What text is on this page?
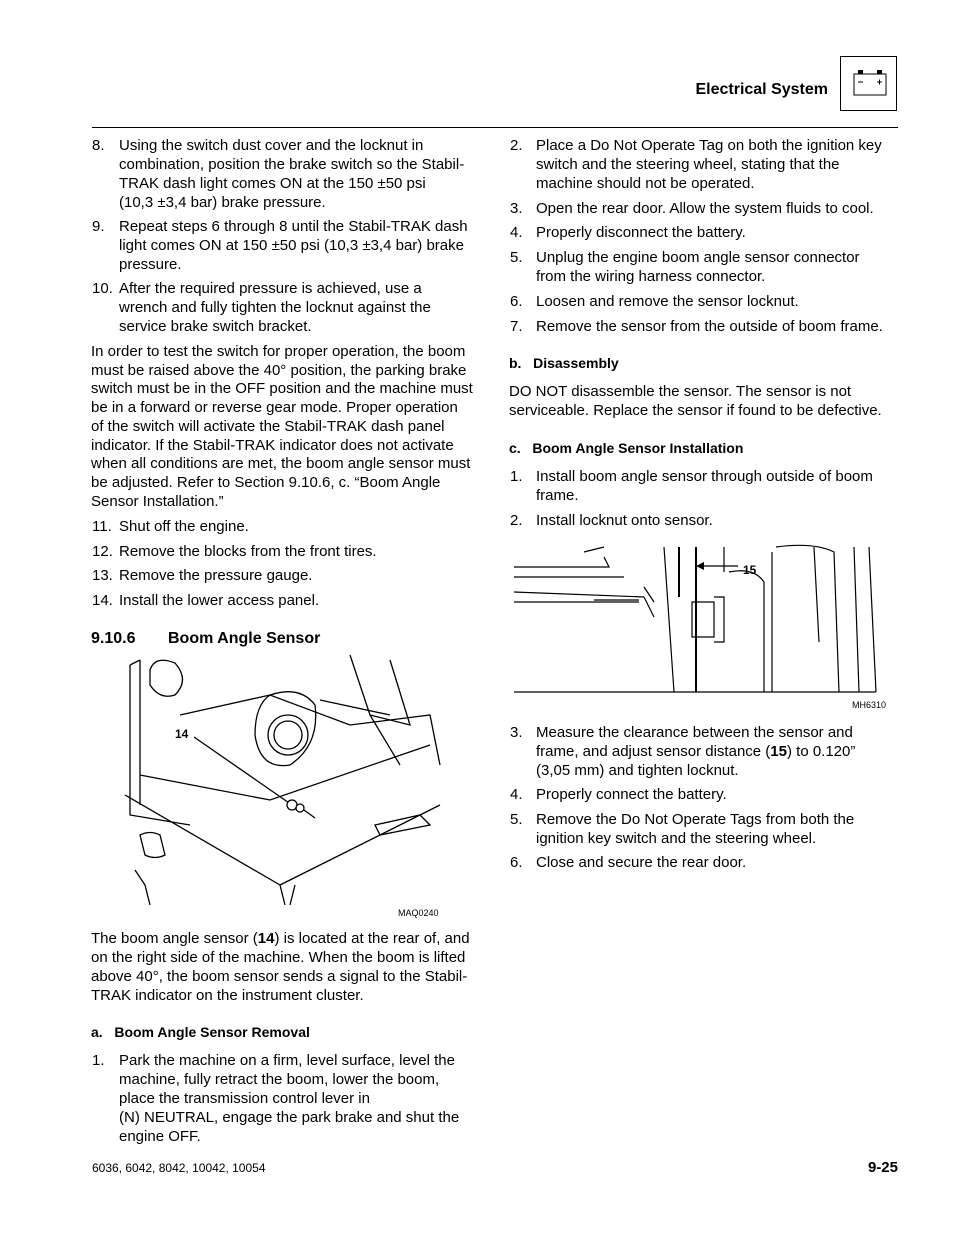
Electrical System
14
MAQ0240
15
MH6310
6036, 6042, 8042, 10042, 10054	9-25
8. Using the switch dust cover and the locknut in
combination, position the brake switch so the Stabil-
TRAK dash light comes ON at the 150 ±50 psi
(10,3 ±3,4 bar) brake pressure.
9. Repeat steps 6 through 8 until the Stabil-TRAK dash
light comes ON at 150 ±50 psi (10,3 ±3,4 bar) brake
pressure.
10. After the required pressure is achieved, use a
wrench and fully tighten the locknut against the
service brake switch bracket.
In order to test the switch for proper operation, the boom
must be raised above the 40° position, the parking brake
switch must be in the OFF position and the machine must
be in a forward or reverse gear mode. Proper operation
of the switch will activate the Stabil-TRAK dash panel
indicator. If the Stabil-TRAK indicator does not activate
when all conditions are met, the boom angle sensor must
be adjusted. Refer to Section 9.10.6, c. “Boom Angle
Sensor Installation.”
11. Shut off the engine.
12. Remove the blocks from the front tires.
13. Remove the pressure gauge.
14. Install the lower access panel.
9.10.6 Boom Angle Sensor
The boom angle sensor (14) is located at the rear of, and
on the right side of the machine. When the boom is lifted
above 40°, the boom sensor sends a signal to the Stabil-
TRAK indicator on the instrument cluster.
a.   Boom Angle Sensor Removal
1. Park the machine on a firm, level surface, level the
machine, fully retract the boom, lower the boom,
place the transmission control lever in
(N) NEUTRAL, engage the park brake and shut the
engine OFF.
2. Place a Do Not Operate Tag on both the ignition key
switch and the steering wheel, stating that the
machine should not be operated.
3. Open the rear door. Allow the system fluids to cool.
4. Properly disconnect the battery.
5. Unplug the engine boom angle sensor connector
from the wiring harness connector.
6. Loosen and remove the sensor locknut.
7. Remove the sensor from the outside of boom frame.
b.   Disassembly
DO NOT disassemble the sensor. The sensor is not
serviceable. Replace the sensor if found to be defective.
c.   Boom Angle Sensor Installation
1. Install boom angle sensor through outside of boom
frame.
2. Install locknut onto sensor.
3. Measure the clearance between the sensor and
frame, and adjust sensor distance (15) to 0.120”
(3,05 mm) and tighten locknut.
4. Properly connect the battery.
5. Remove the Do Not Operate Tags from both the
ignition key switch and the steering wheel.
6. Close and secure the rear door.
